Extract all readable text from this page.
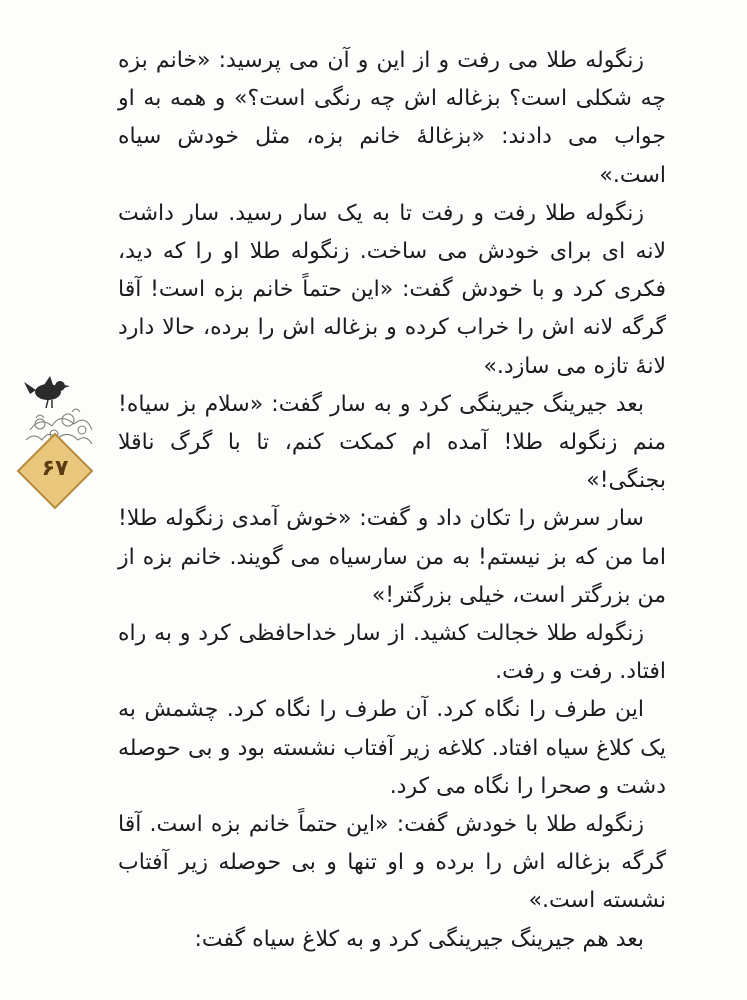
زنگوله طلا می رفت و از این و آن می پرسید: «خانم بزه چه شکلی است؟ بزغاله اش چه رنگی است؟» و همه به او جواب می دادند: «بزغالهٔ خانم بزه، مثل خودش سیاه است.»

زنگوله طلا رفت و رفت تا به یک سار رسید. سار داشت لانه ای برای خودش می ساخت. زنگوله طلا او را که دید، فکری کرد و با خودش گفت: «این حتماً خانم بزه است! آقا گرگه لانه اش را خراب کرده و بزغاله اش را برده، حالا دارد لانهٔ تازه می سازد.»

بعد جیرینگ جیرینگی کرد و به سار گفت: «سلام بز سیاه! منم زنگوله طلا! آمده ام کمکت کنم، تا با گرگ ناقلا بجنگی!»

سار سرش را تکان داد و گفت: «خوش آمدی زنگوله طلا! اما من که بز نیستم! به من سارسیاه می گویند. خانم بزه از من بزرگتر است، خیلی بزرگتر!»

زنگوله طلا خجالت کشید. از سار خداحافظی کرد و به راه افتاد. رفت و رفت.

این طرف را نگاه کرد. آن طرف را نگاه کرد. چشمش به یک کلاغ سیاه افتاد. کلاغه زیر آفتاب نشسته بود و بی حوصله دشت و صحرا را نگاه می کرد.

زنگوله طلا با خودش گفت: «این حتماً خانم بزه است. آقا گرگه بزغاله اش را برده و او تنها و بی حوصله زیر آفتاب نشسته است.»

بعد هم جیرینگ جیرینگی کرد و به کلاغ سیاه گفت:

۶۷
